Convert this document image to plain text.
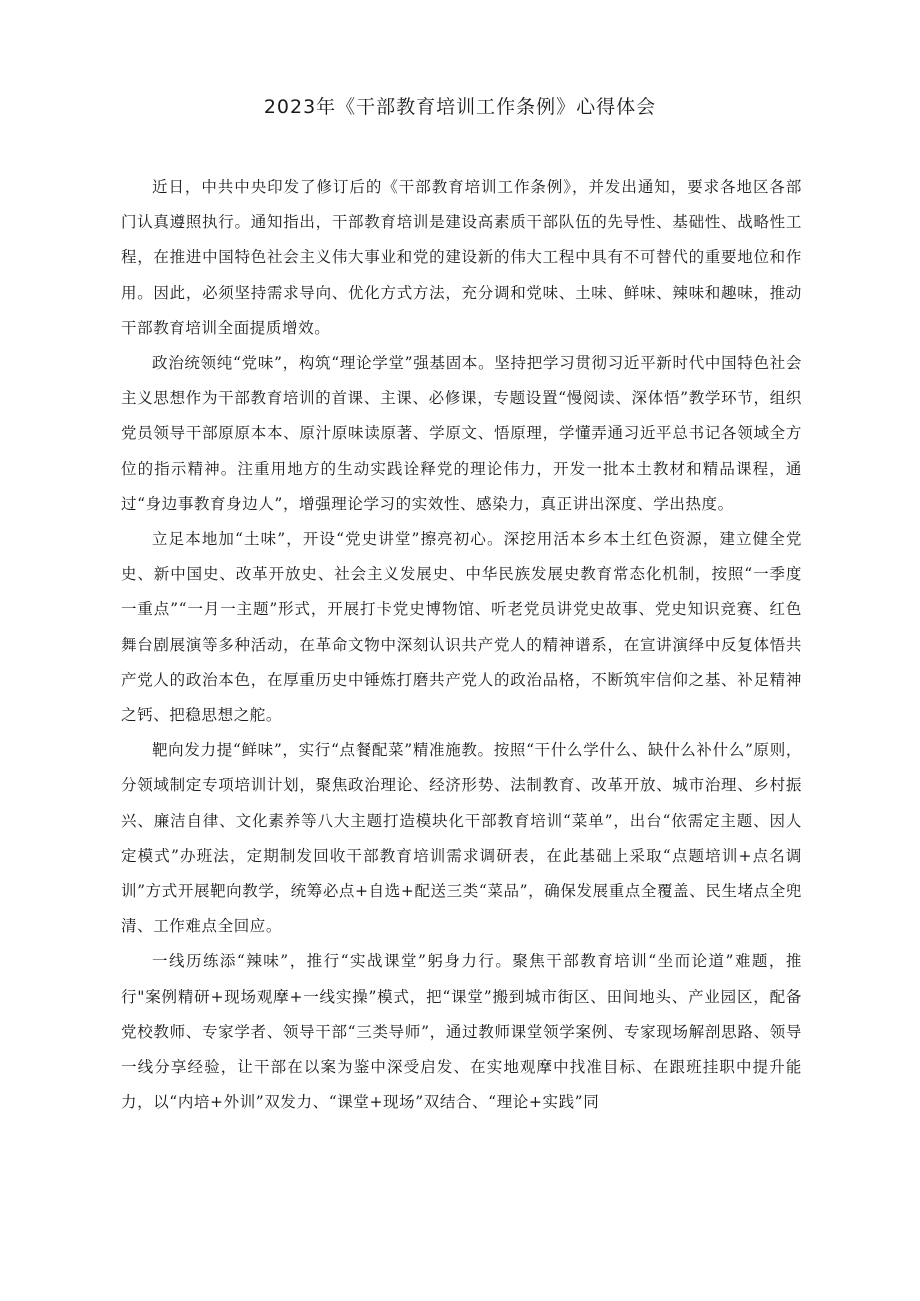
2023年《干部教育培训工作条例》心得体会

近日，中共中央印发了修订后的《干部教育培训工作条例》，并发出通知，要求各地区各部门认真遵照执行。通知指出，干部教育培训是建设高素质干部队伍的先导性、基础性、战略性工程，在推进中国特色社会主义伟大事业和党的建设新的伟大工程中具有不可替代的重要地位和作用。因此，必须坚持需求导向、优化方式方法，充分调和党味、土味、鲜味、辣味和趣味，推动干部教育培训全面提质增效。

政治统领纯“党味”，构筑“理论学堂”强基固本。坚持把学习贯彻习近平新时代中国特色社会主义思想作为干部教育培训的首课、主课、必修课，专题设置“慢阅读、深体悟”教学环节，组织党员领导干部原原本本、原汁原味读原著、学原文、悟原理，学懂弄通习近平总书记各领域全方位的指示精神。注重用地方的生动实践诠释党的理论伟力，开发一批本土教材和精品课程，通过“身边事教育身边人”，增强理论学习的实效性、感染力，真正讲出深度、学出热度。

立足本地加“土味”，开设“党史讲堂”擦亮初心。深挖用活本乡本土红色资源，建立健全党史、新中国史、改革开放史、社会主义发展史、中华民族发展史教育常态化机制，按照“一季度一重点”“一月一主题”形式，开展打卡党史博物馆、听老党员讲党史故事、党史知识竞赛、红色舞台剧展演等多种活动，在革命文物中深刻认识共产党人的精神谱系，在宣讲演绎中反复体悟共产党人的政治本色，在厚重历史中锤炼打磨共产党人的政治品格，不断筑牢信仰之基、补足精神之钙、把稳思想之舵。

靶向发力提“鲜味”，实行“点餐配菜”精准施教。按照“干什么学什么、缺什么补什么”原则，分领域制定专项培训计划，聚焦政治理论、经济形势、法制教育、改革开放、城市治理、乡村振兴、廉洁自律、文化素养等八大主题打造模块化干部教育培训“菜单”，出台“依需定主题、因人定模式”办班法，定期制发回收干部教育培训需求调研表，在此基础上采取“点题培训+点名调训”方式开展靶向教学，统筹必点+自选+配送三类“菜品”，确保发展重点全覆盖、民生堵点全兜清、工作难点全回应。

一线历练添“辣味”，推行“实战课堂”躬身力行。聚焦干部教育培训“坐而论道”难题，推行"案例精研+现场观摩+一线实操”模式，把“课堂”搬到城市街区、田间地头、产业园区，配备党校教师、专家学者、领导干部“三类导师”，通过教师课堂领学案例、专家现场解剖思路、领导一线分享经验，让干部在以案为鉴中深受启发、在实地观摩中找准目标、在跟班挂职中提升能力，以“内培+外训”双发力、“课堂+现场”双结合、“理论+实践”同
